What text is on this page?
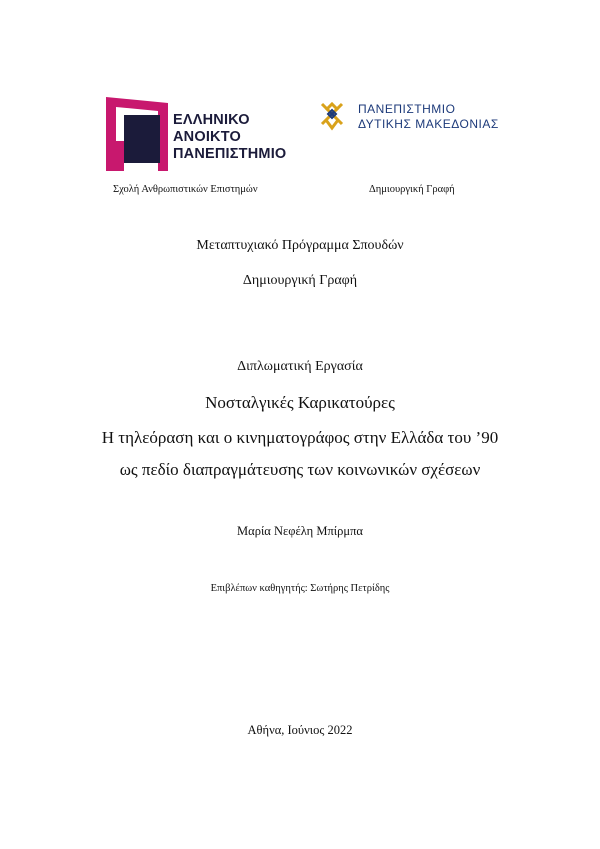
ΕΛΛΗΝΙΚΟ
ΑΝΟΙΚΤΟ
ΠΑΝΕΠΙΣΤΗΜΙΟ
ΠΑΝΕΠΙΣΤΗΜΙΟ
ΔΥΤΙΚΗΣ ΜΑΚΕΔΟΝΙΑΣ
Σχολή Ανθρωπιστικών Επιστημών	Δημιουργική Γραφή
Μεταπτυχιακό Πρόγραμμα Σπουδών
Δημιουργική Γραφή
Διπλωματική Εργασία
Νοσταλγικές Καρικατούρες
Η τηλεόραση και ο κινηματογράφος στην Ελλάδα του ’90
ως πεδίο διαπραγμάτευσης των κοινωνικών σχέσεων
Μαρία Νεφέλη Μπίρμπα
Επιβλέπων καθηγητής: Σωτήρης Πετρίδης
Αθήνα, Ιούνιος 2022
